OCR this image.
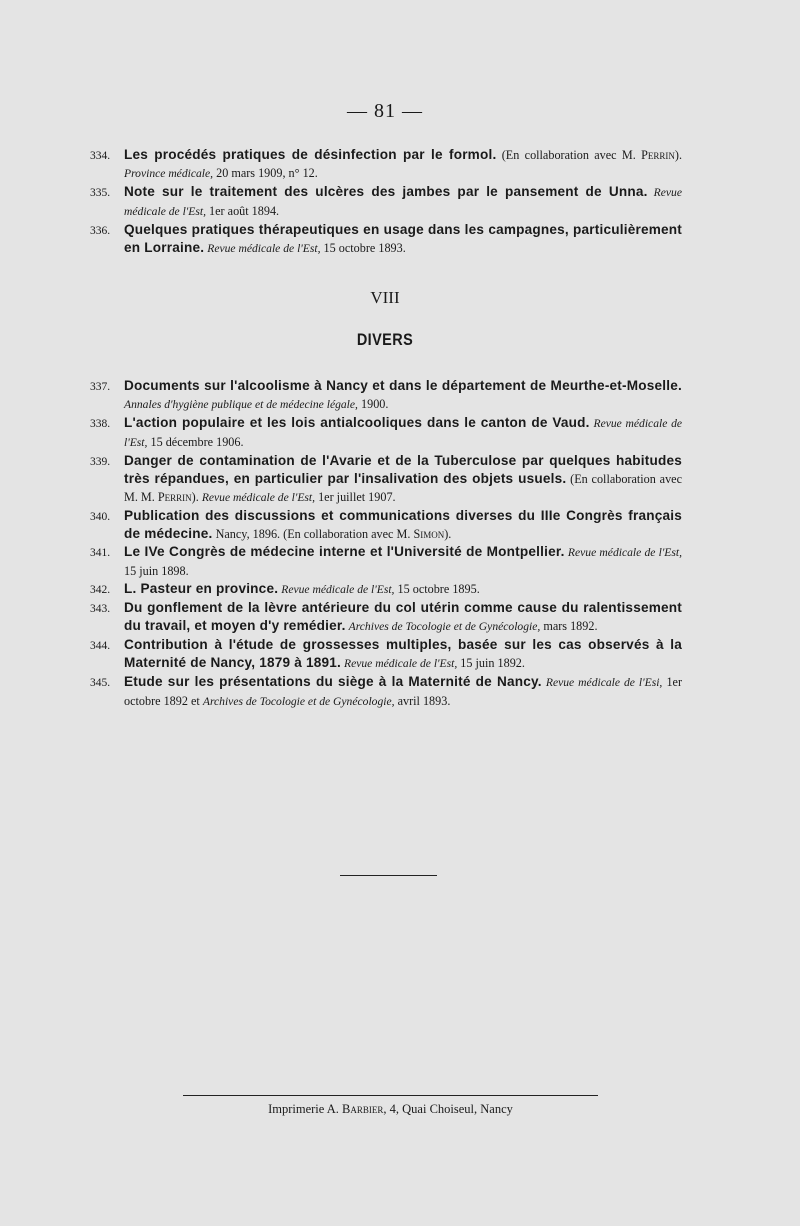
— 81 —
334. Les procédés pratiques de désinfection par le formol. (En collaboration avec M. Perrin). Province médicale, 20 mars 1909, n° 12.
335. Note sur le traitement des ulcères des jambes par le pansement de Unna. Revue médicale de l'Est, 1er août 1894.
336. Quelques pratiques thérapeutiques en usage dans les campagnes, particulièrement en Lorraine. Revue médicale de l'Est, 15 octobre 1893.
VIII
DIVERS
337. Documents sur l'alcoolisme à Nancy et dans le département de Meurthe-et-Moselle. Annales d'hygiène publique et de médecine légale, 1900.
338. L'action populaire et les lois antialcooliques dans le canton de Vaud. Revue médicale de l'Est, 15 décembre 1906.
339. Danger de contamination de l'Avarie et de la Tuberculose par quelques habitudes très répandues, en particulier par l'insalivation des objets usuels. (En collaboration avec M. M. Perrin). Revue médicale de l'Est, 1er juillet 1907.
340. Publication des discussions et communications diverses du IIIe Congrès français de médecine. Nancy, 1896. (En collaboration avec M. Simon).
341. Le IVe Congrès de médecine interne et l'Université de Montpellier. Revue médicale de l'Est, 15 juin 1898.
342. L. Pasteur en province. Revue médicale de l'Est, 15 octobre 1895.
343. Du gonflement de la lèvre antérieure du col utérin comme cause du ralentissement du travail, et moyen d'y remédier. Archives de Tocologie et de Gynécologie, mars 1892.
344. Contribution à l'étude de grossesses multiples, basée sur les cas observés à la Maternité de Nancy, 1879 à 1891. Revue médicale de l'Est, 15 juin 1892.
345. Etude sur les présentations du siège à la Maternité de Nancy. Revue médicale de l'Esi, 1er octobre 1892 et Archives de Tocologie et de Gynécologie, avril 1893.
Imprimerie A. Barbier, 4, Quai Choiseul, Nancy
